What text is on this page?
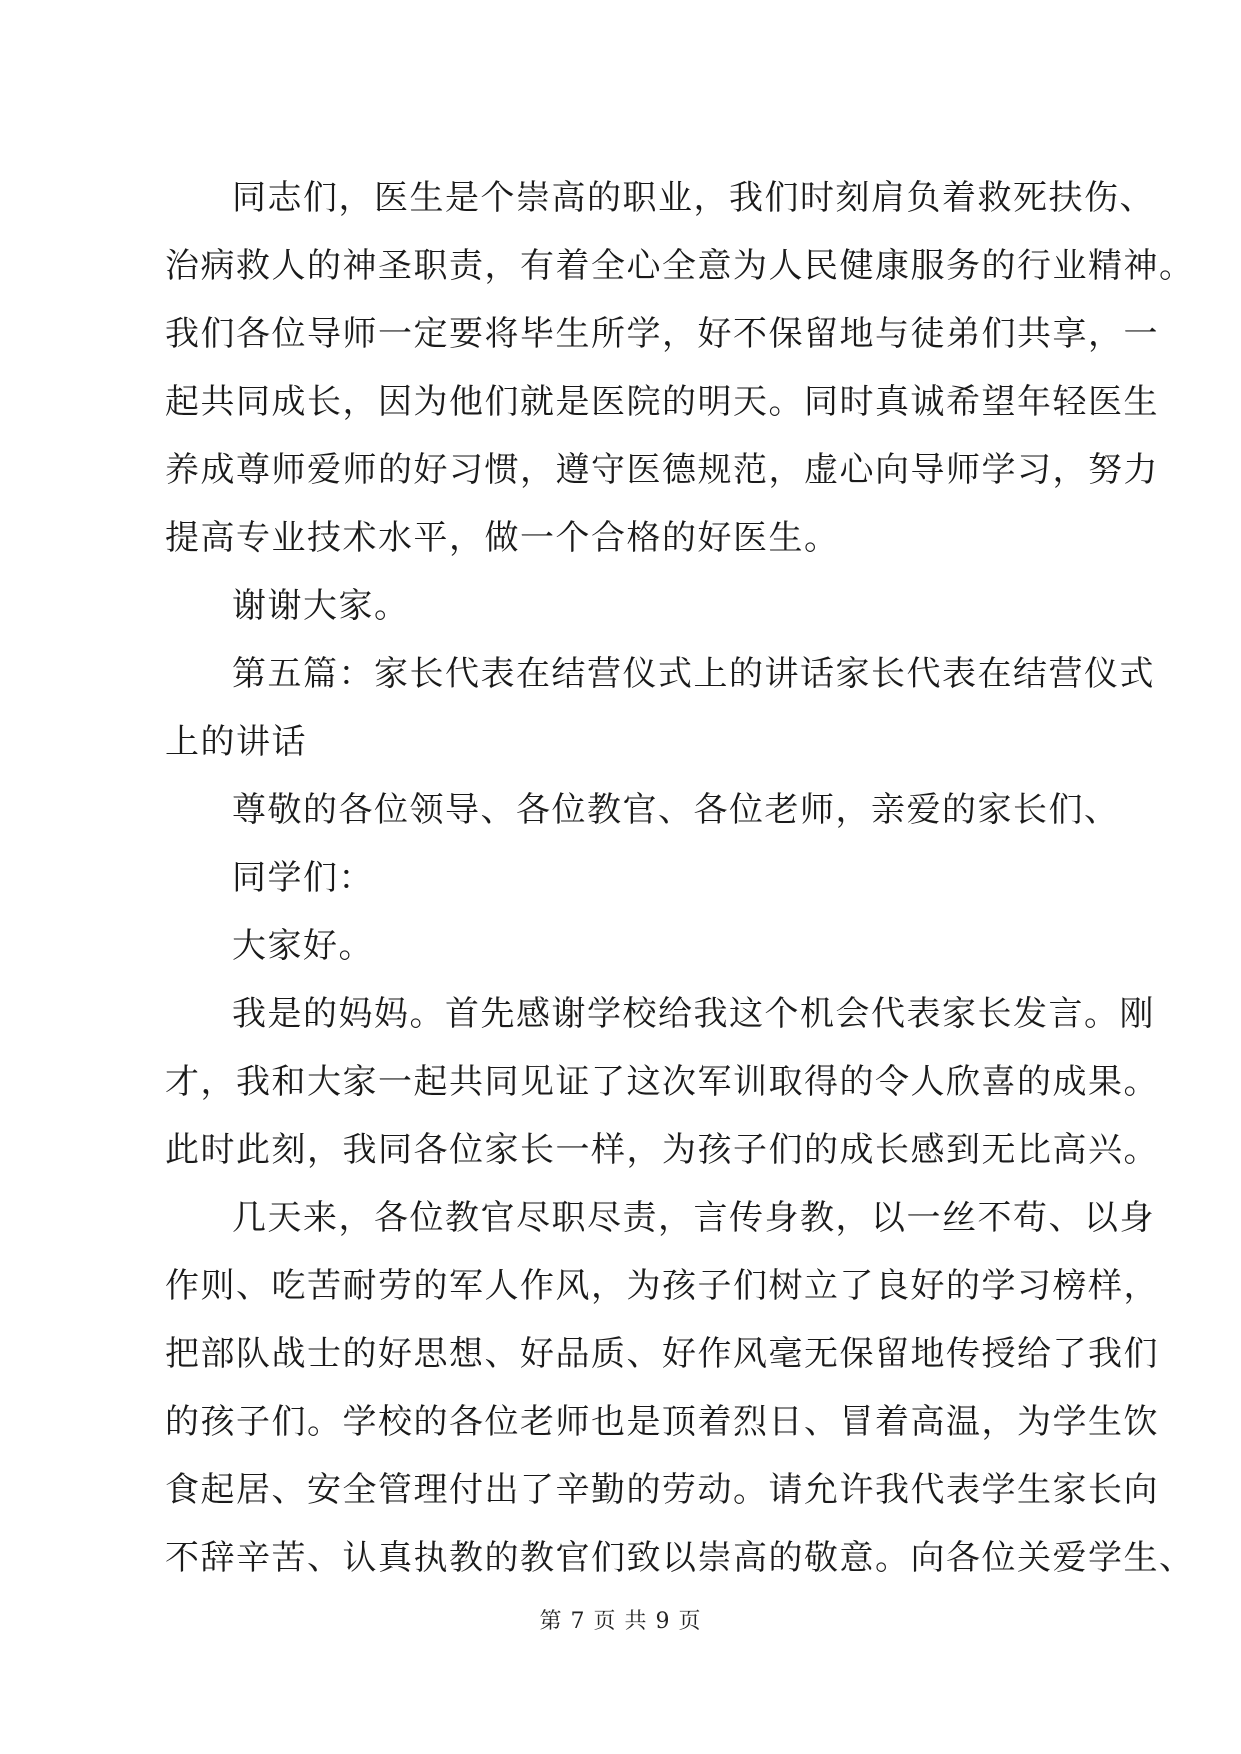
同志们，医生是个崇高的职业，我们时刻肩负着救死扶伤、
治病救人的神圣职责，有着全心全意为人民健康服务的行业精神。
我们各位导师一定要将毕生所学，好不保留地与徒弟们共享，一
起共同成长，因为他们就是医院的明天。同时真诚希望年轻医生
养成尊师爱师的好习惯，遵守医德规范，虚心向导师学习，努力
提高专业技术水平，做一个合格的好医生。
谢谢大家。
第五篇：家长代表在结营仪式上的讲话家长代表在结营仪式
上的讲话
尊敬的各位领导、各位教官、各位老师，亲爱的家长们、
同学们：
大家好。
我是的妈妈。首先感谢学校给我这个机会代表家长发言。刚
才，我和大家一起共同见证了这次军训取得的令人欣喜的成果。
此时此刻，我同各位家长一样，为孩子们的成长感到无比高兴。
几天来，各位教官尽职尽责，言传身教，以一丝不苟、以身
作则、吃苦耐劳的军人作风，为孩子们树立了良好的学习榜样，
把部队战士的好思想、好品质、好作风毫无保留地传授给了我们
的孩子们。学校的各位老师也是顶着烈日、冒着高温，为学生饮
食起居、安全管理付出了辛勤的劳动。请允许我代表学生家长向
不辞辛苦、认真执教的教官们致以崇高的敬意。向各位关爱学生、
第 7 页 共 9 页
